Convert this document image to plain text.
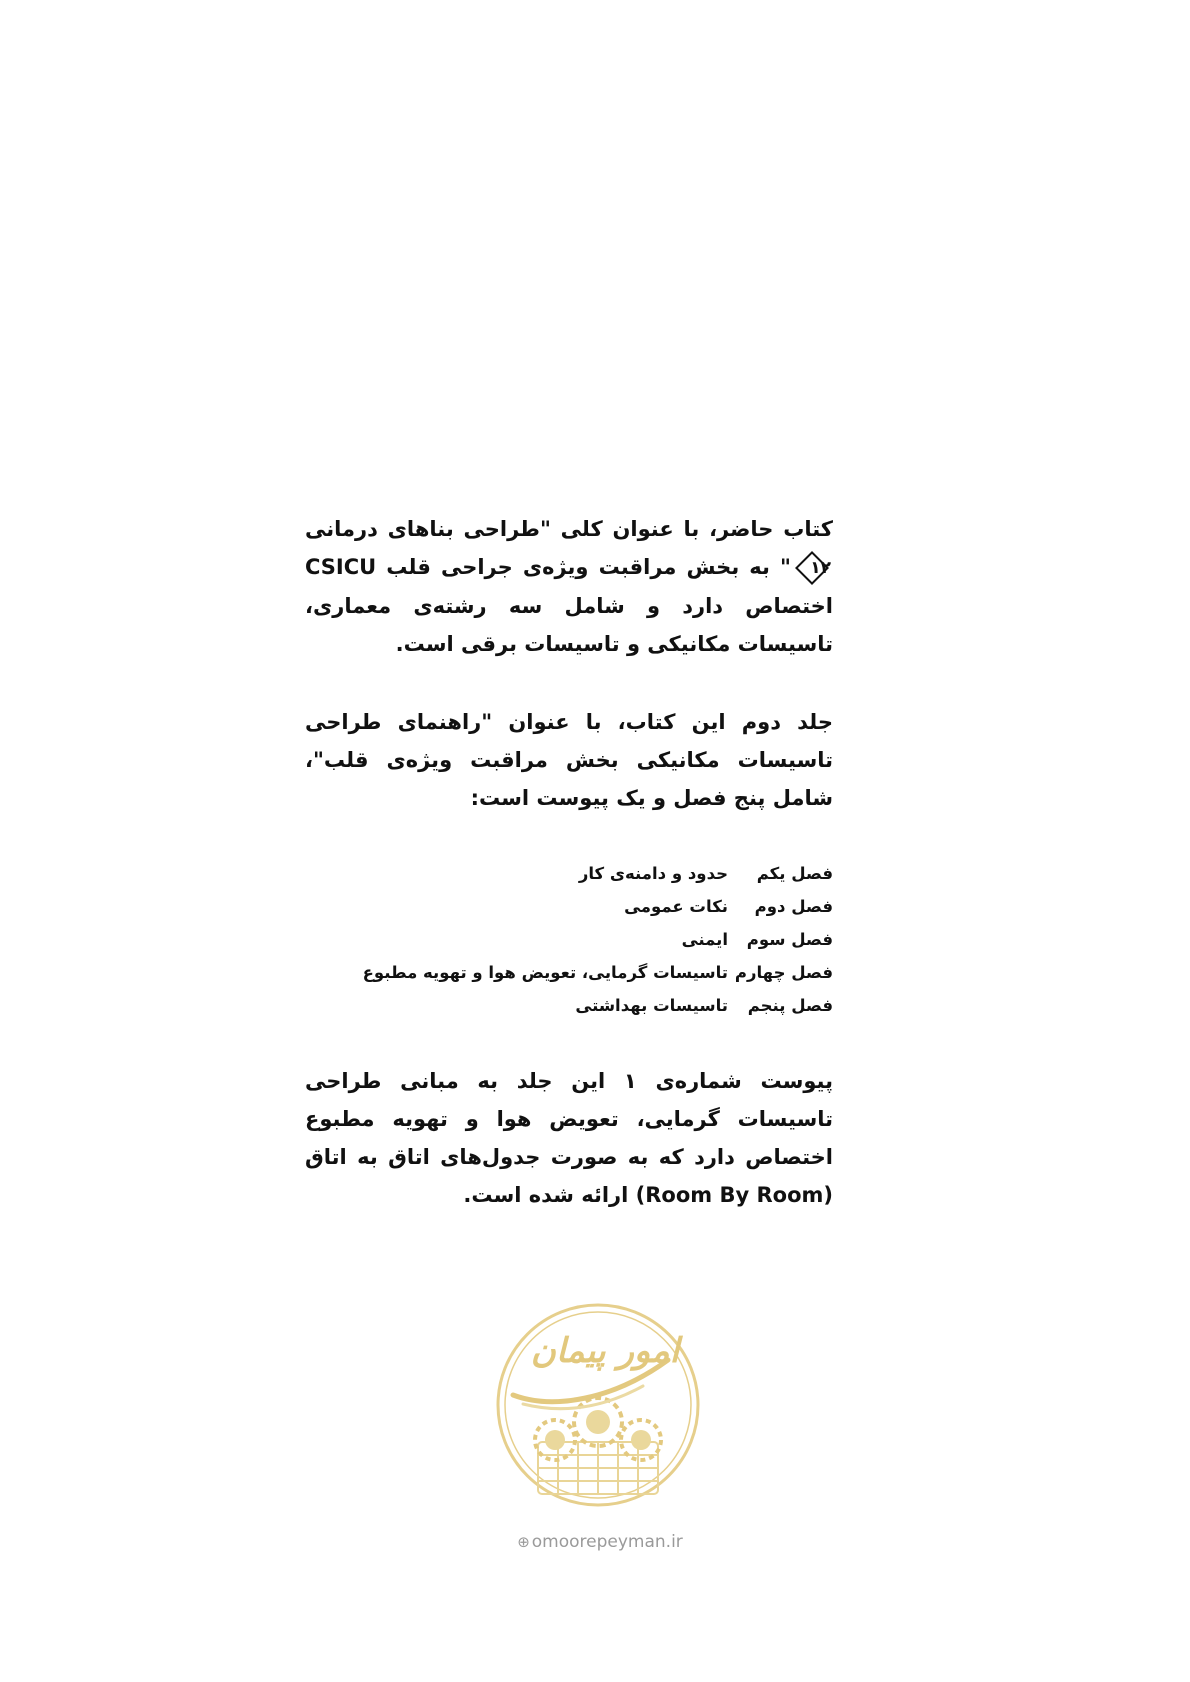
کتاب حاضر، با عنوان کلی "طراحی بناهای درمانی
۱۲
" به بخش مراقبت ویژه‌ی جراحی قلب CSICU اختصاص دارد و شامل سه رشته‌ی معماری، تاسیسات مکانیکی و تاسیسات برقی است.

جلد دوم این کتاب، با عنوان "راهنمای طراحی تاسیسات مکانیکی بخش مراقبت ویژه‌ی قلب"، شامل پنج فصل و یک پیوست است:

فصل یکم
حدود و دامنه‌ی کار
فصل دوم
نکات عمومی
فصل سوم
ایمنی
فصل چهارم
تاسیسات گرمایی، تعویض هوا و تهویه مطبوع
فصل پنجم
تاسیسات بهداشتی

پیوست شماره‌ی ۱ این جلد به مبانی طراحی تاسیسات گرمایی، تعویض هوا و تهویه مطبوع اختصاص دارد که به صورت جدول‌های اتاق به اتاق (Room By Room) ارائه شده است.

امور پیمان
⊕ omoorepeyman.ir
